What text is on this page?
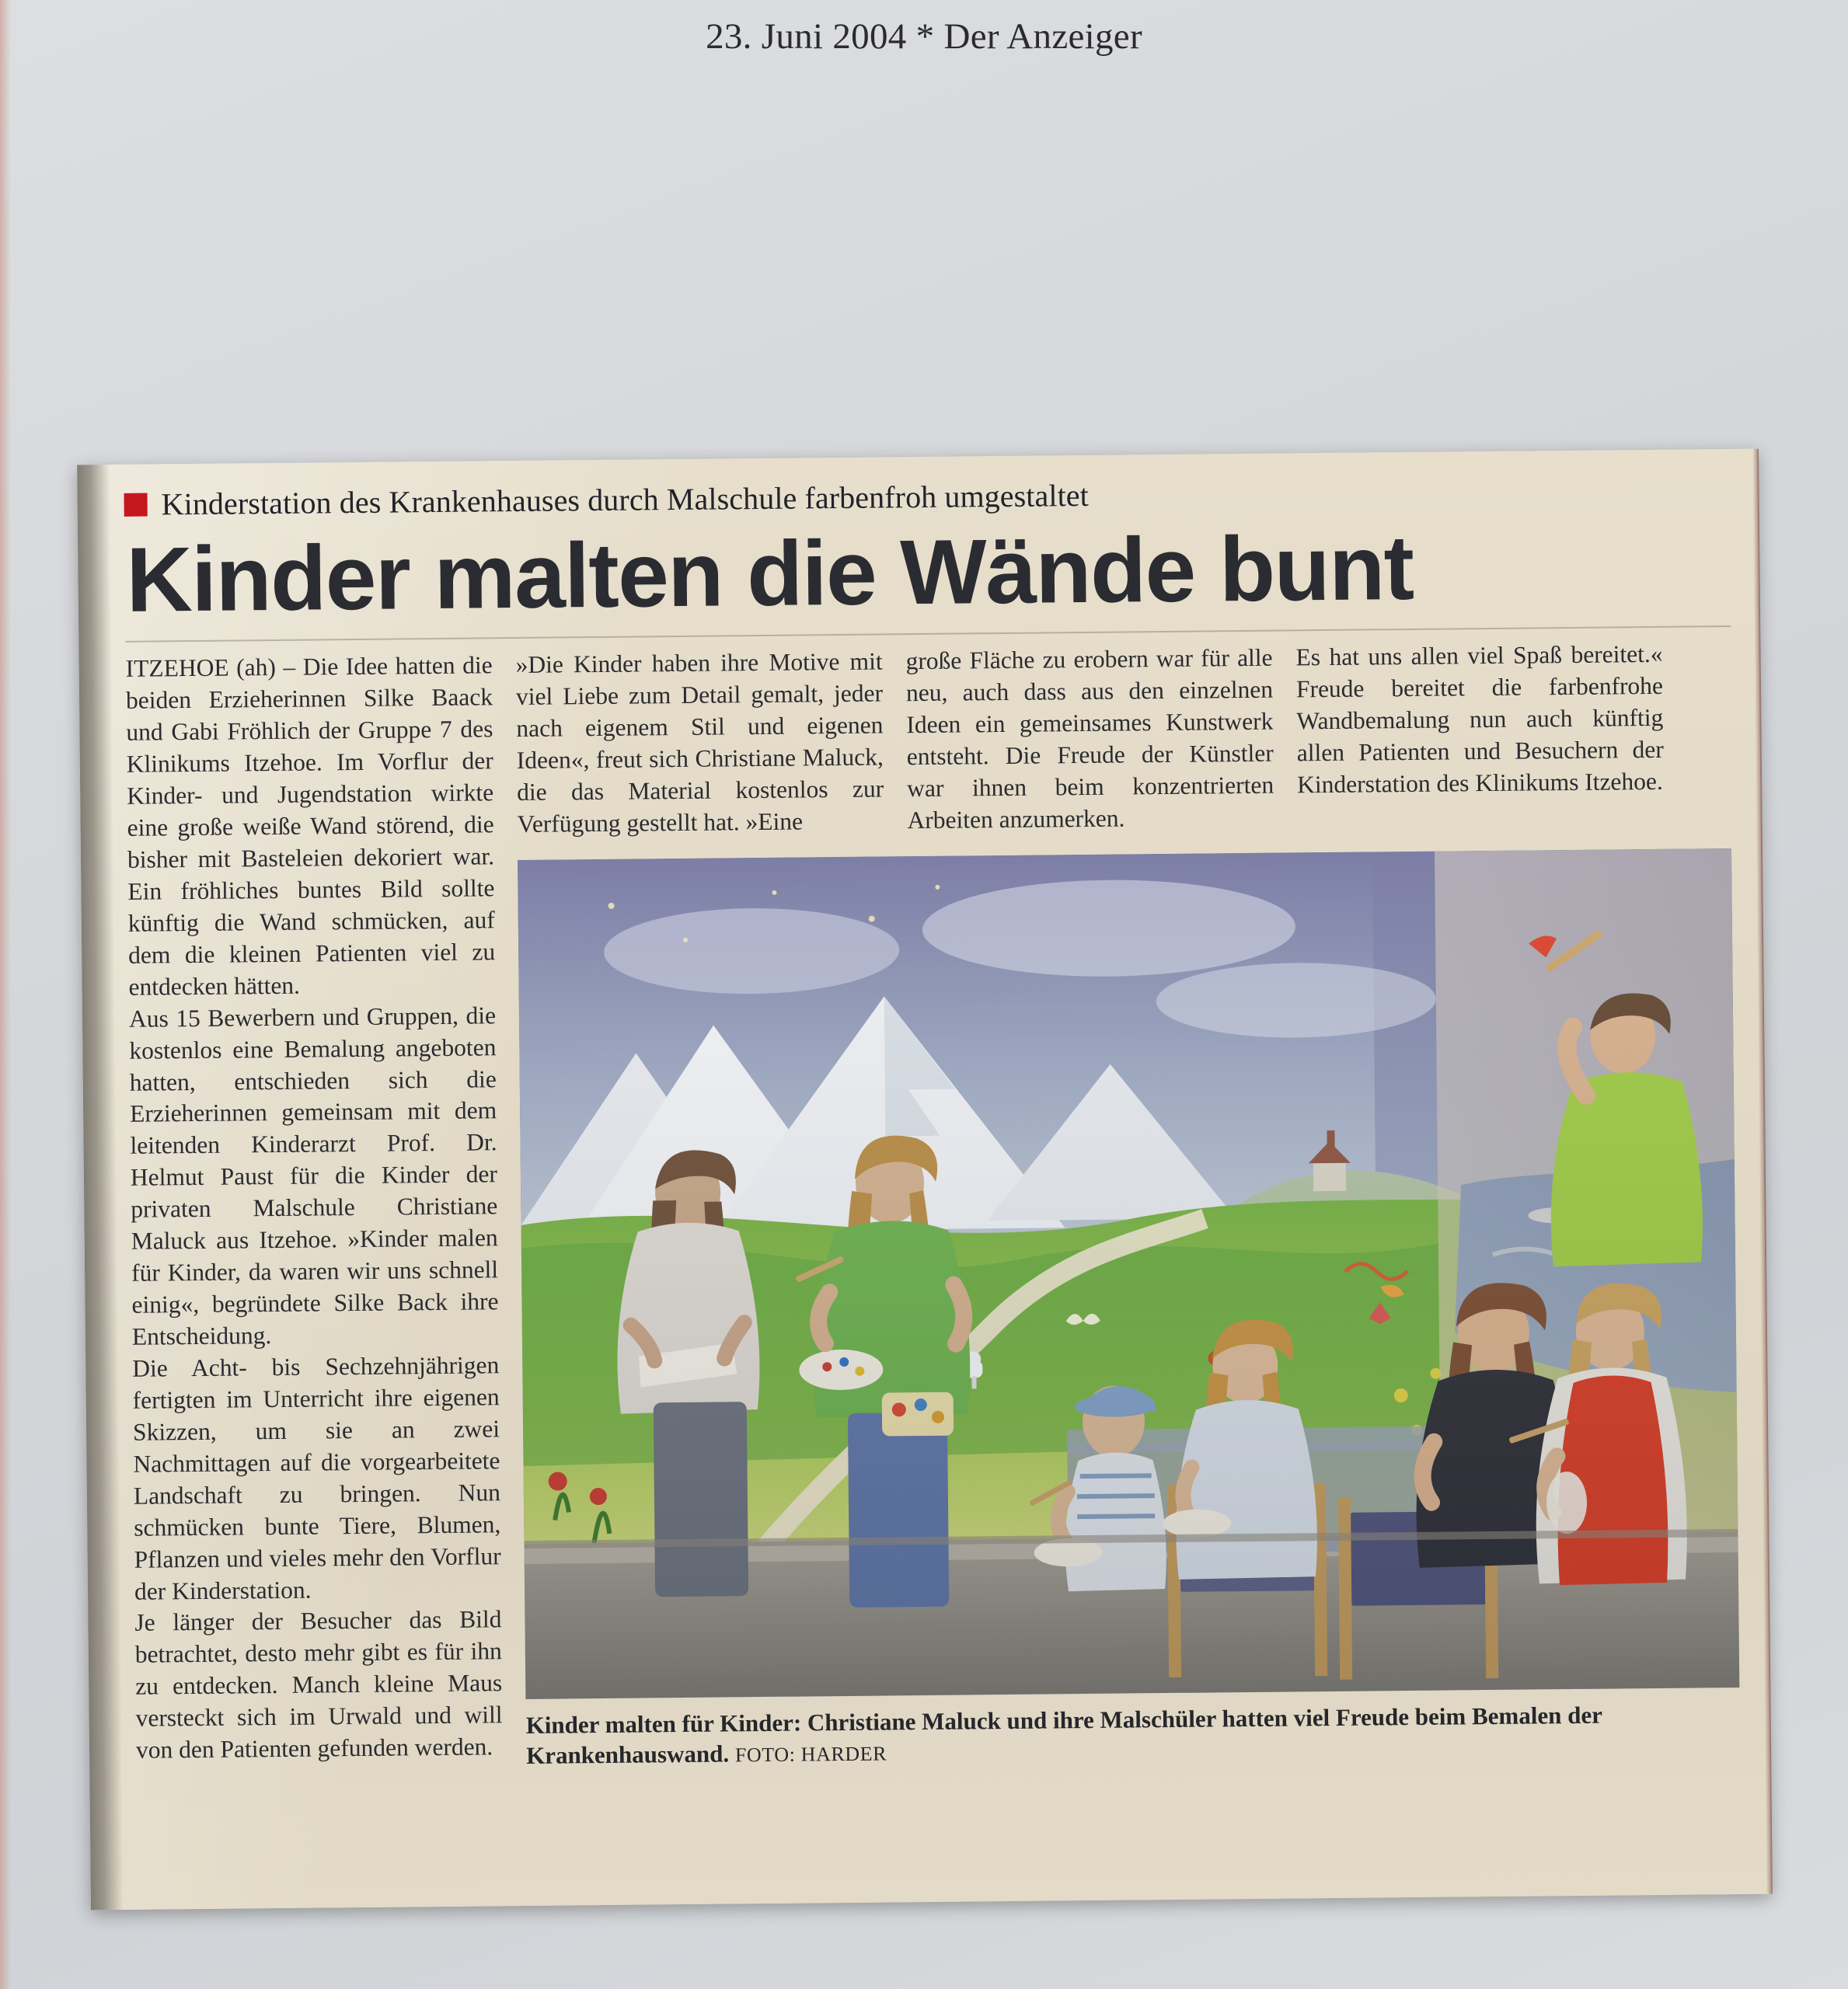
23. Juni 2004 * Der Anzeiger
Kinderstation des Krankenhauses durch Malschule farbenfroh umgestaltet
Kinder malten die Wände bunt
ITZEHOE (ah) – Die Idee hatten die beiden Erzieherinnen Silke Baack und Gabi Fröhlich der Gruppe 7 des Klinikums Itzehoe. Im Vorflur der Kinder- und Jugendstation wirkte eine große weiße Wand störend, die bisher mit Basteleien dekoriert war. Ein fröhliches buntes Bild sollte künftig die Wand schmücken, auf dem die kleinen Patienten viel zu entdecken hätten.
Aus 15 Bewerbern und Gruppen, die kostenlos eine Bemalung angeboten hatten, entschieden sich die Erzieherinnen gemeinsam mit dem leitenden Kinderarzt Prof. Dr. Helmut Paust für die Kinder der privaten Malschule Christiane Maluck aus Itzehoe. »Kinder malen für Kinder, da waren wir uns schnell einig«, begründete Silke Back ihre Entscheidung.
Die Acht- bis Sechzehnjährigen fertigten im Unterricht ihre eigenen Skizzen, um sie an zwei Nachmittagen auf die vorgearbeitete Landschaft zu bringen. Nun schmücken bunte Tiere, Blumen, Pflanzen und vieles mehr den Vorflur der Kinderstation.
Je länger der Besucher das Bild betrachtet, desto mehr gibt es für ihn zu entdecken. Manch kleine Maus versteckt sich im Urwald und will von den Patienten gefunden werden.
»Die Kinder haben ihre Motive mit viel Liebe zum Detail gemalt, jeder nach eigenem Stil und eigenen Ideen«, freut sich Christiane Maluck, die das Material kostenlos zur Verfügung gestellt hat. »Eine
große Fläche zu erobern war für alle neu, auch dass aus den einzelnen Ideen ein gemeinsames Kunstwerk entsteht. Die Freude der Künstler war ihnen beim konzentrierten Arbeiten anzumerken.
Es hat uns allen viel Spaß bereitet.« Freude bereitet die farbenfrohe Wandbemalung nun auch künftig allen Patienten und Besuchern der Kinderstation des Klinikums Itzehoe.
Kinder malten für Kinder: Christiane Maluck und ihre Malschüler hatten viel Freude beim Bemalen der Krankenhauswand. FOTO: HARDER
